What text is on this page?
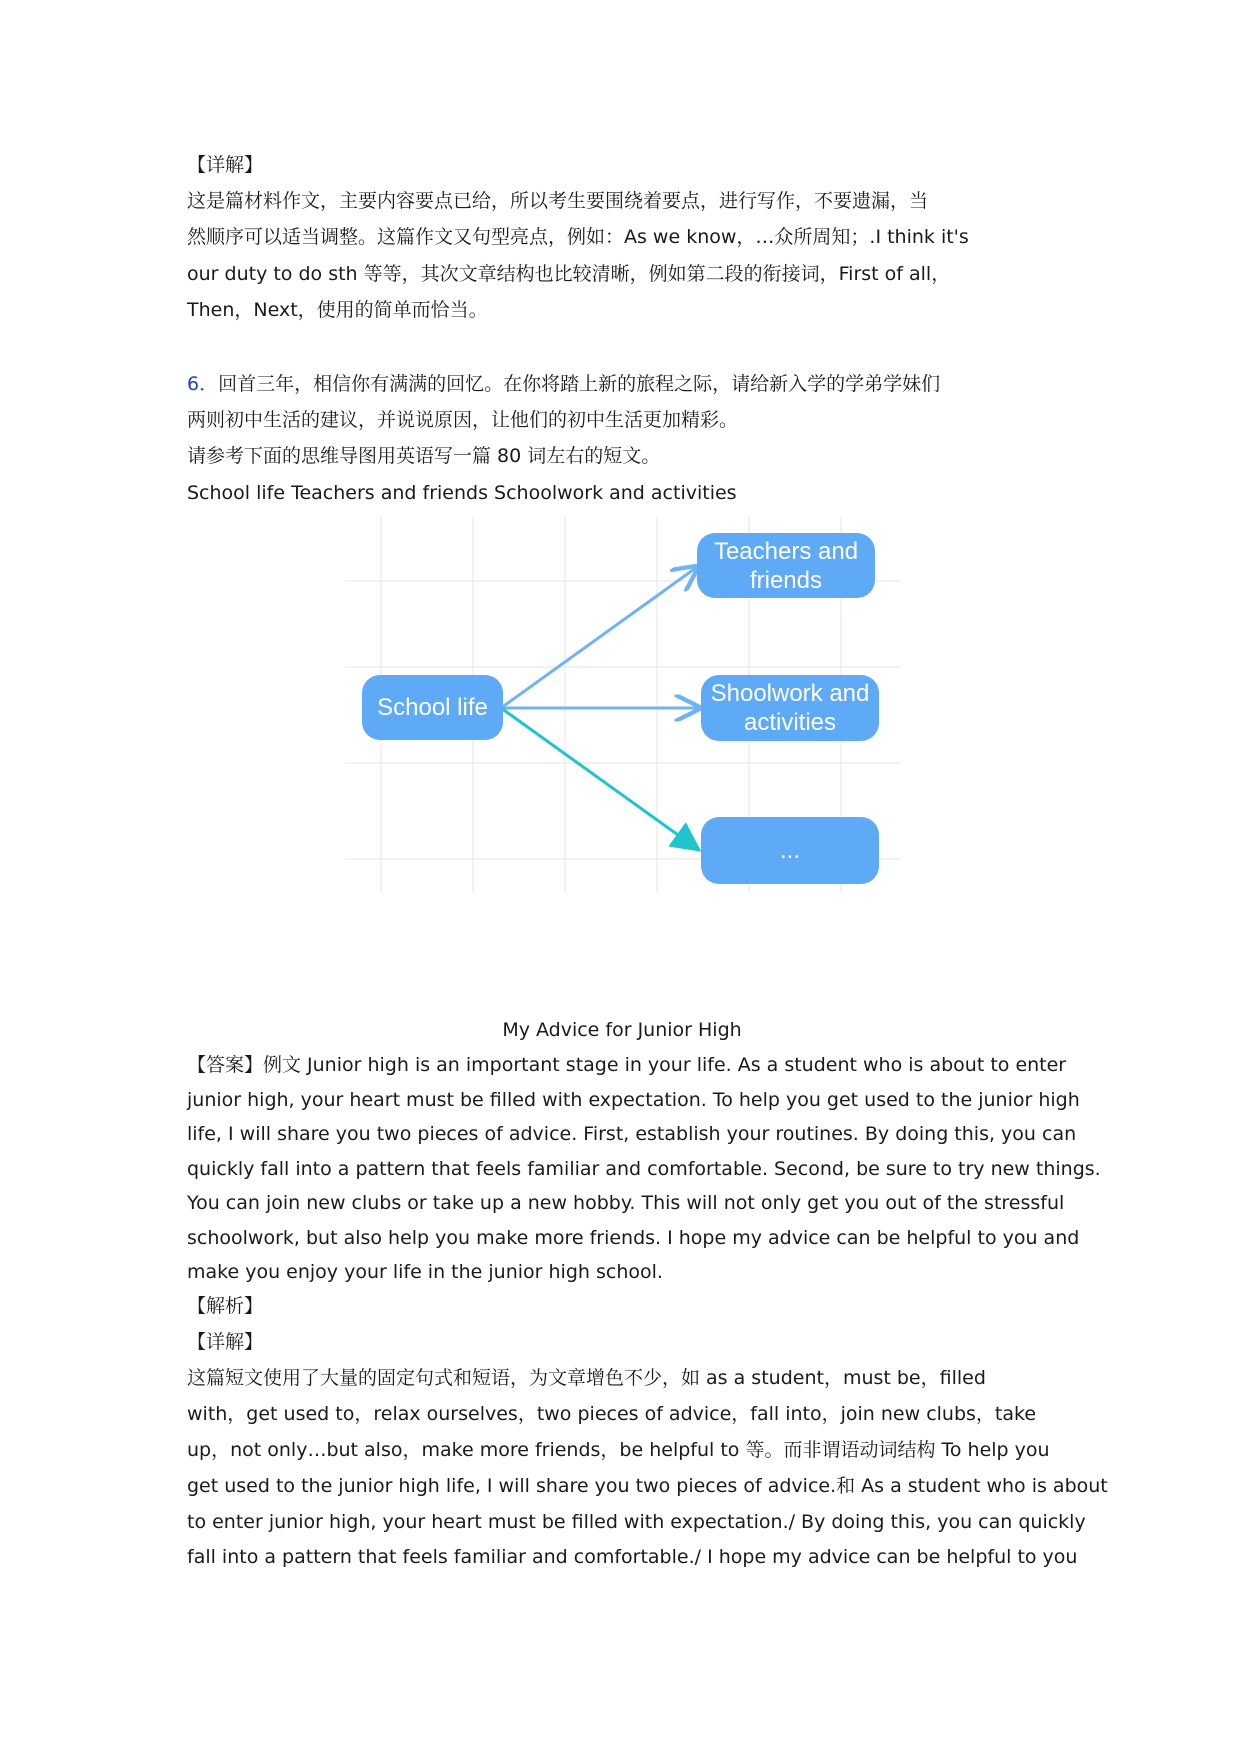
【详解】

这是篇材料作文，主要内容要点已给，所以考生要围绕着要点，进行写作，不要遗漏，当

然顺序可以适当调整。这篇作文又句型亮点，例如：As we know，…众所周知；.I think it's

our duty to do sth 等等，其次文章结构也比较清晰，例如第二段的衔接词，First of all，

Then，Next，使用的简单而恰当。

6．回首三年，相信你有满满的回忆。在你将踏上新的旅程之际，请给新入学的学弟学妹们

两则初中生活的建议，并说说原因，让他们的初中生活更加精彩。

请参考下面的思维导图用英语写一篇 80 词左右的短文。

School life Teachers and friends Schoolwork and activities

My Advice for Junior High

【答案】例文 Junior high is an important stage in your life. As a student who is about to enter

junior high, your heart must be filled with expectation. To help you get used to the junior high

life, I will share you two pieces of advice. First, establish your routines. By doing this, you can

quickly fall into a pattern that feels familiar and comfortable. Second, be sure to try new things.

You can join new clubs or take up a new hobby. This will not only get you out of the stressful

schoolwork, but also help you make more friends. I hope my advice can be helpful to you and

make you enjoy your life in the junior high school.

【解析】

【详解】

这篇短文使用了大量的固定句式和短语，为文章增色不少，如 as a student，must be，filled

with，get used to，relax ourselves，two pieces of advice，fall into，join new clubs，take

up，not only…but also，make more friends，be helpful to 等。而非谓语动词结构 To help you

get used to the junior high life, I will share you two pieces of advice.和 As a student who is about

to enter junior high, your heart must be filled with expectation./ By doing this, you can quickly

fall into a pattern that feels familiar and comfortable./ I hope my advice can be helpful to you

School life
Teachers and friends
Shoolwork and activities
...
